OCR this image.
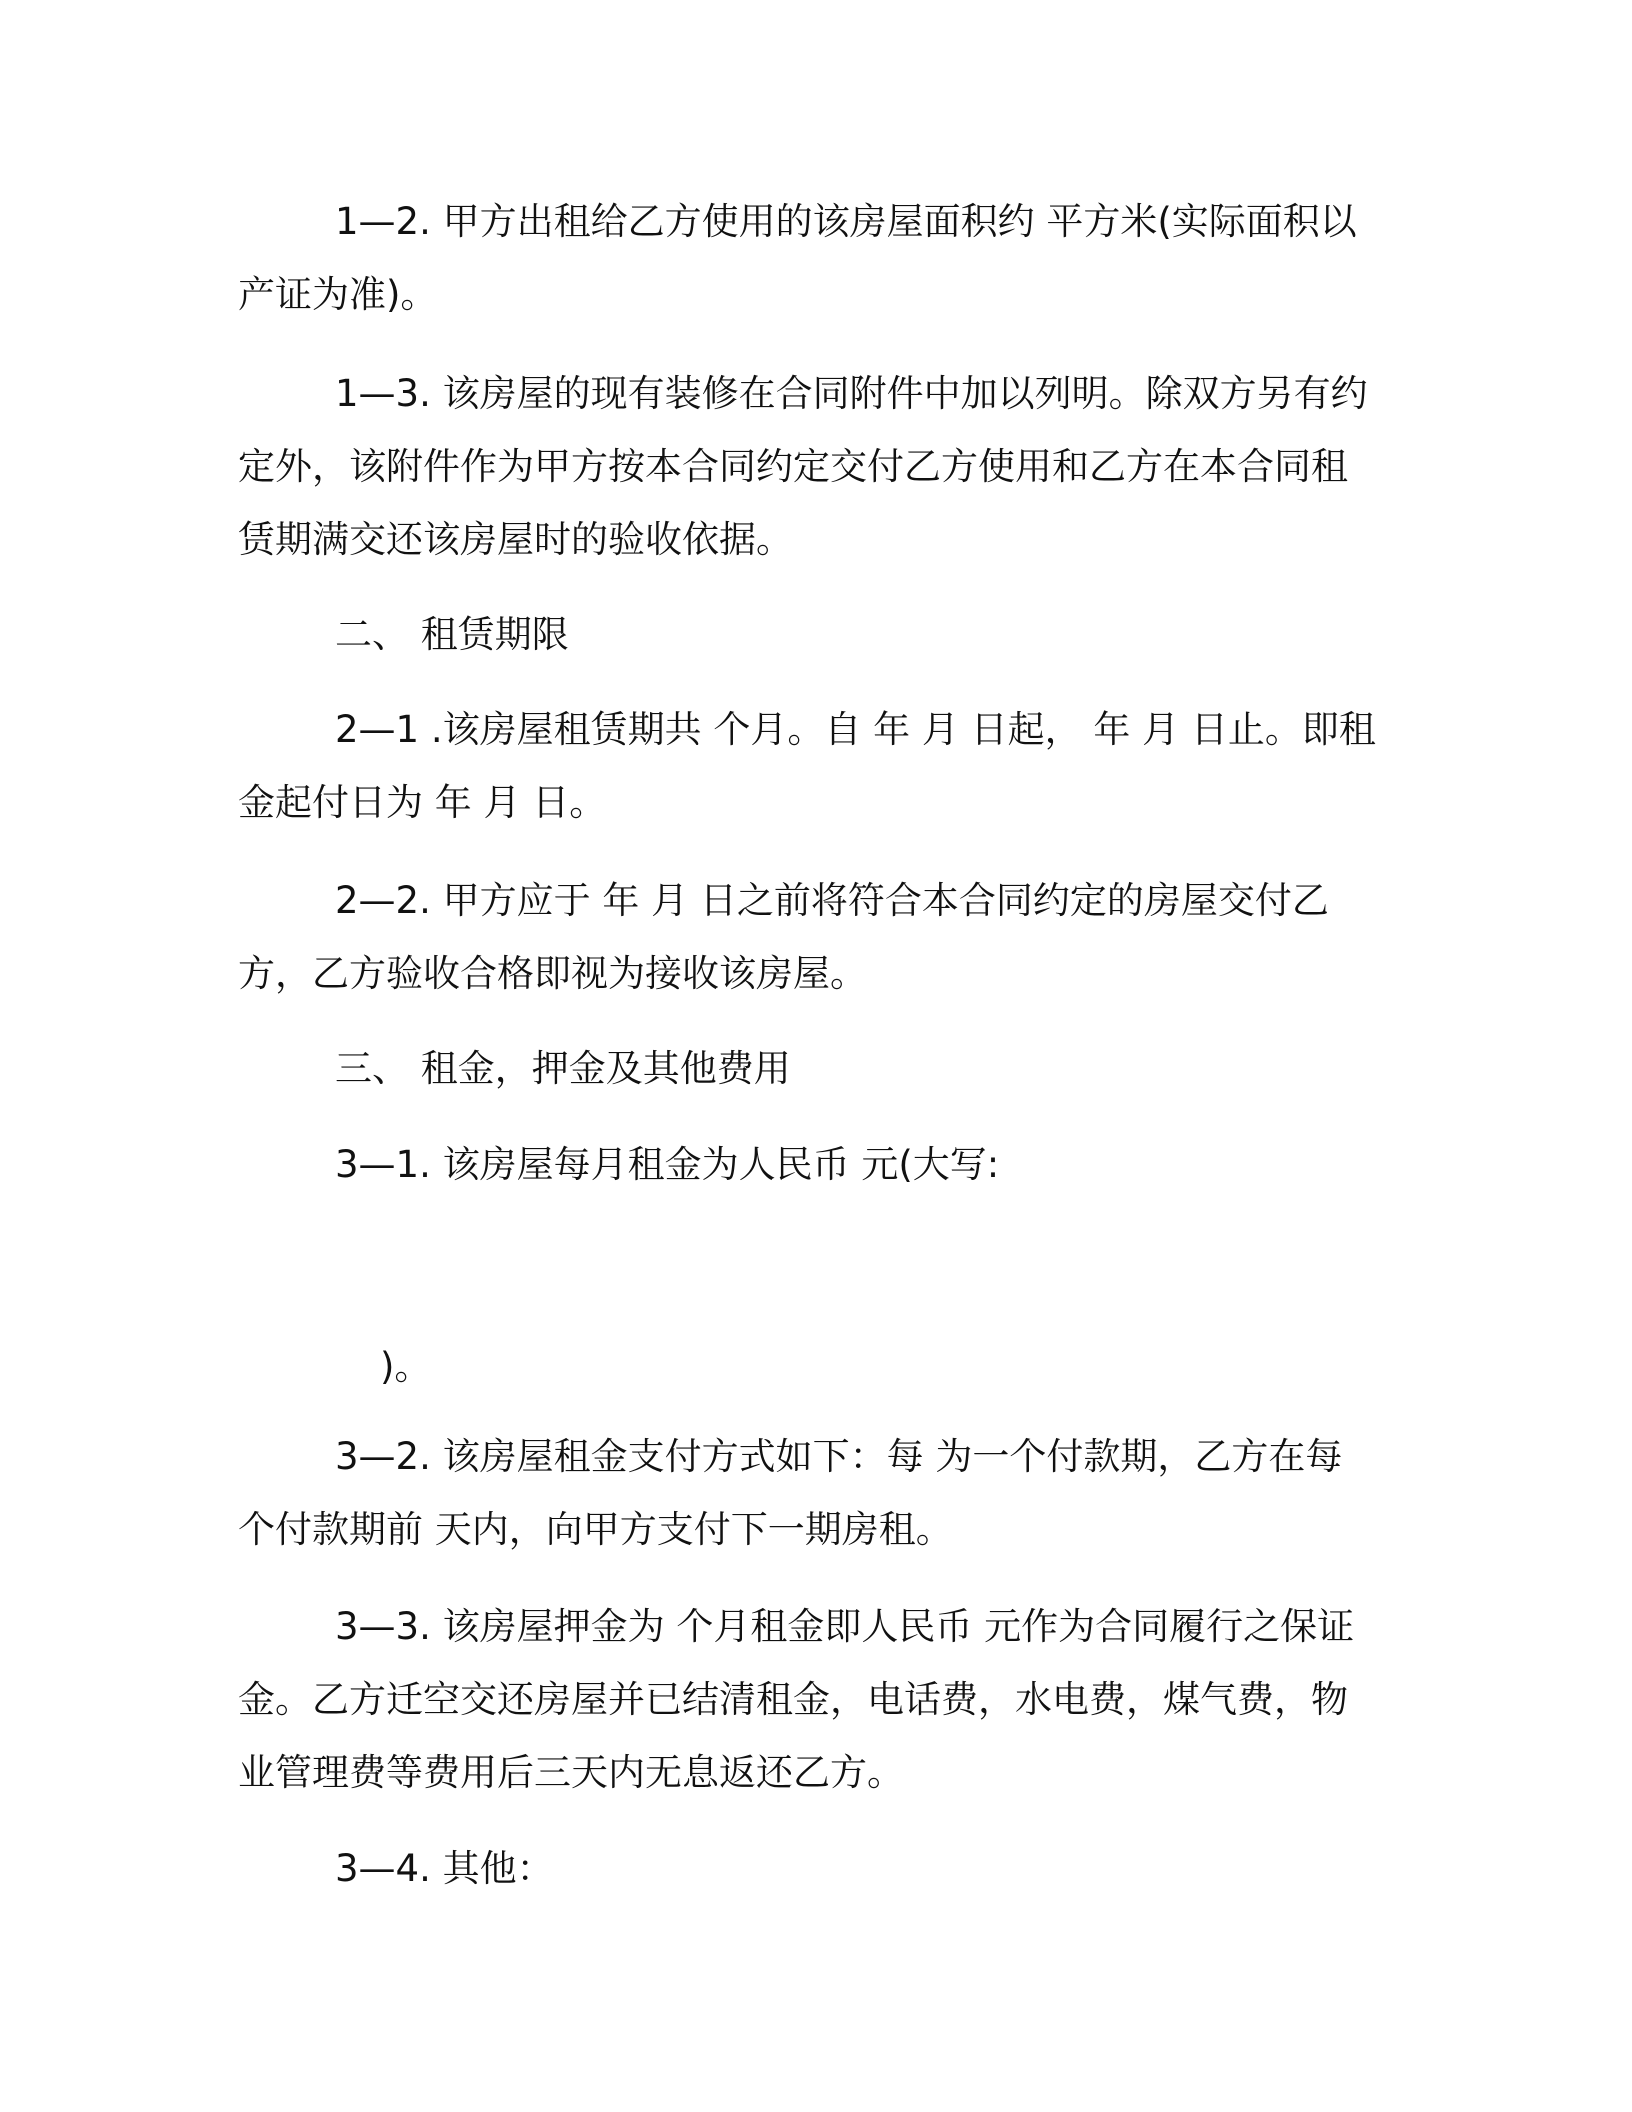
1—2. 甲方出租给乙方使用的该房屋面积约 平方米(实际面积以产证为准)。

1—3. 该房屋的现有装修在合同附件中加以列明。除双方另有约定外，该附件作为甲方按本合同约定交付乙方使用和乙方在本合同租赁期满交还该房屋时的验收依据。

二、 租赁期限

2—1 .该房屋租赁期共 个月。自 年 月 日起， 年 月 日止。即租金起付日为 年 月 日。

2—2. 甲方应于 年 月 日之前将符合本合同约定的房屋交付乙方，乙方验收合格即视为接收该房屋。

三、 租金，押金及其他费用

3—1. 该房屋每月租金为人民币 元(大写:

)。

3—2. 该房屋租金支付方式如下：每 为一个付款期，乙方在每个付款期前 天内，向甲方支付下一期房租。

3—3. 该房屋押金为 个月租金即人民币 元作为合同履行之保证金。乙方迁空交还房屋并已结清租金，电话费，水电费，煤气费，物业管理费等费用后三天内无息返还乙方。

3—4. 其他：
